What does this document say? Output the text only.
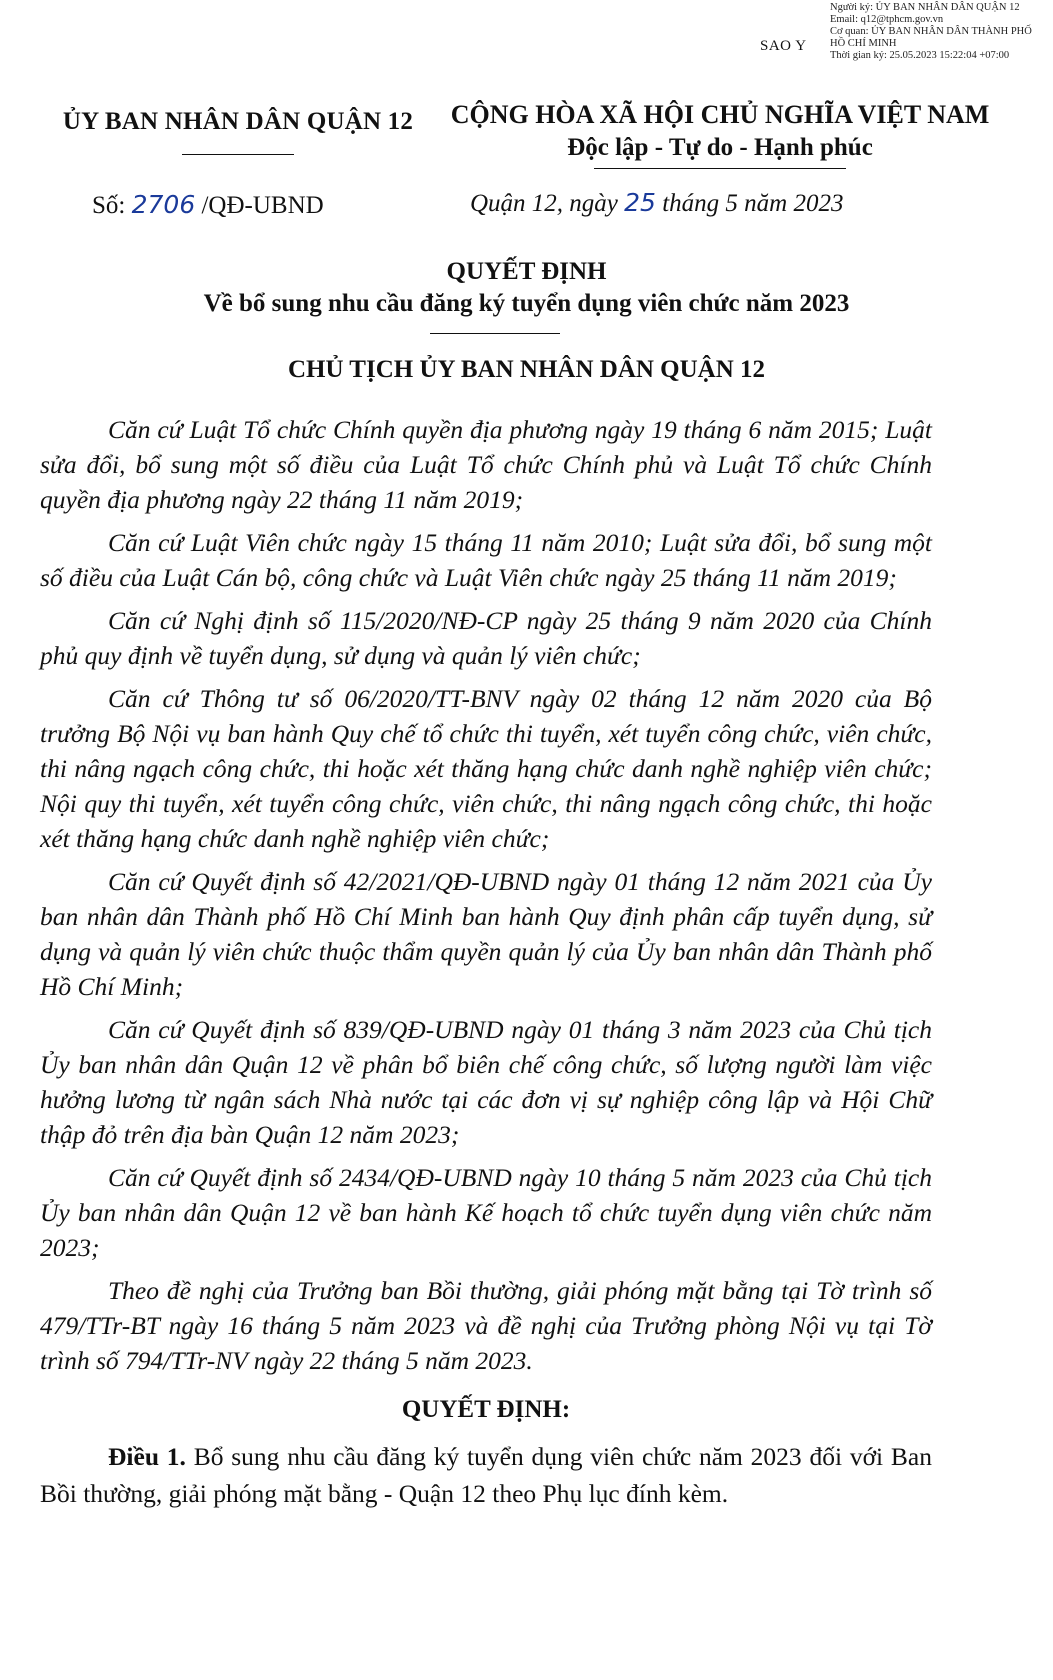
Người ký: ỦY BAN NHÂN DÂN QUẬN 12
Email: q12@tphcm.gov.vn
Cơ quan: ỦY BAN NHÂN DÂN THÀNH PHỐ HỒ CHÍ MINH
Thời gian ký: 25.05.2023 15:22:04 +07:00
SAO Y
ỦY BAN NHÂN DÂN QUẬN 12	CỘNG HÒA XÃ HỘI CHỦ NGHĨA VIỆT NAM
Độc lập - Tự do - Hạnh phúc
Số: 2706 /QĐ-UBND	Quận 12, ngày 25 tháng 5 năm 2023
QUYẾT ĐỊNH
Về bổ sung nhu cầu đăng ký tuyển dụng viên chức năm 2023
CHỦ TỊCH ỦY BAN NHÂN DÂN QUẬN 12

Căn cứ Luật Tổ chức Chính quyền địa phương ngày 19 tháng 6 năm 2015; Luật sửa đổi, bổ sung một số điều của Luật Tổ chức Chính phủ và Luật Tổ chức Chính quyền địa phương ngày 22 tháng 11 năm 2019;

Căn cứ Luật Viên chức ngày 15 tháng 11 năm 2010; Luật sửa đổi, bổ sung một số điều của Luật Cán bộ, công chức và Luật Viên chức ngày 25 tháng 11 năm 2019;

Căn cứ Nghị định số 115/2020/NĐ-CP ngày 25 tháng 9 năm 2020 của Chính phủ quy định về tuyển dụng, sử dụng và quản lý viên chức;

Căn cứ Thông tư số 06/2020/TT-BNV ngày 02 tháng 12 năm 2020 của Bộ trưởng Bộ Nội vụ ban hành Quy chế tổ chức thi tuyển, xét tuyển công chức, viên chức, thi nâng ngạch công chức, thi hoặc xét thăng hạng chức danh nghề nghiệp viên chức; Nội quy thi tuyển, xét tuyển công chức, viên chức, thi nâng ngạch công chức, thi hoặc xét thăng hạng chức danh nghề nghiệp viên chức;

Căn cứ Quyết định số 42/2021/QĐ-UBND ngày 01 tháng 12 năm 2021 của Ủy ban nhân dân Thành phố Hồ Chí Minh ban hành Quy định phân cấp tuyển dụng, sử dụng và quản lý viên chức thuộc thẩm quyền quản lý của Ủy ban nhân dân Thành phố Hồ Chí Minh;

Căn cứ Quyết định số 839/QĐ-UBND ngày 01 tháng 3 năm 2023 của Chủ tịch Ủy ban nhân dân Quận 12 về phân bổ biên chế công chức, số lượng người làm việc hưởng lương từ ngân sách Nhà nước tại các đơn vị sự nghiệp công lập và Hội Chữ thập đỏ trên địa bàn Quận 12 năm 2023;

Căn cứ Quyết định số 2434/QĐ-UBND ngày 10 tháng 5 năm 2023 của Chủ tịch Ủy ban nhân dân Quận 12 về ban hành Kế hoạch tổ chức tuyển dụng viên chức năm 2023;

Theo đề nghị của Trưởng ban Bồi thường, giải phóng mặt bằng tại Tờ trình số 479/TTr-BT ngày 16 tháng 5 năm 2023 và đề nghị của Trưởng phòng Nội vụ tại Tờ trình số 794/TTr-NV ngày 22 tháng 5 năm 2023.

QUYẾT ĐỊNH:

Điều 1. Bổ sung nhu cầu đăng ký tuyển dụng viên chức năm 2023 đối với Ban Bồi thường, giải phóng mặt bằng - Quận 12 theo Phụ lục đính kèm.
